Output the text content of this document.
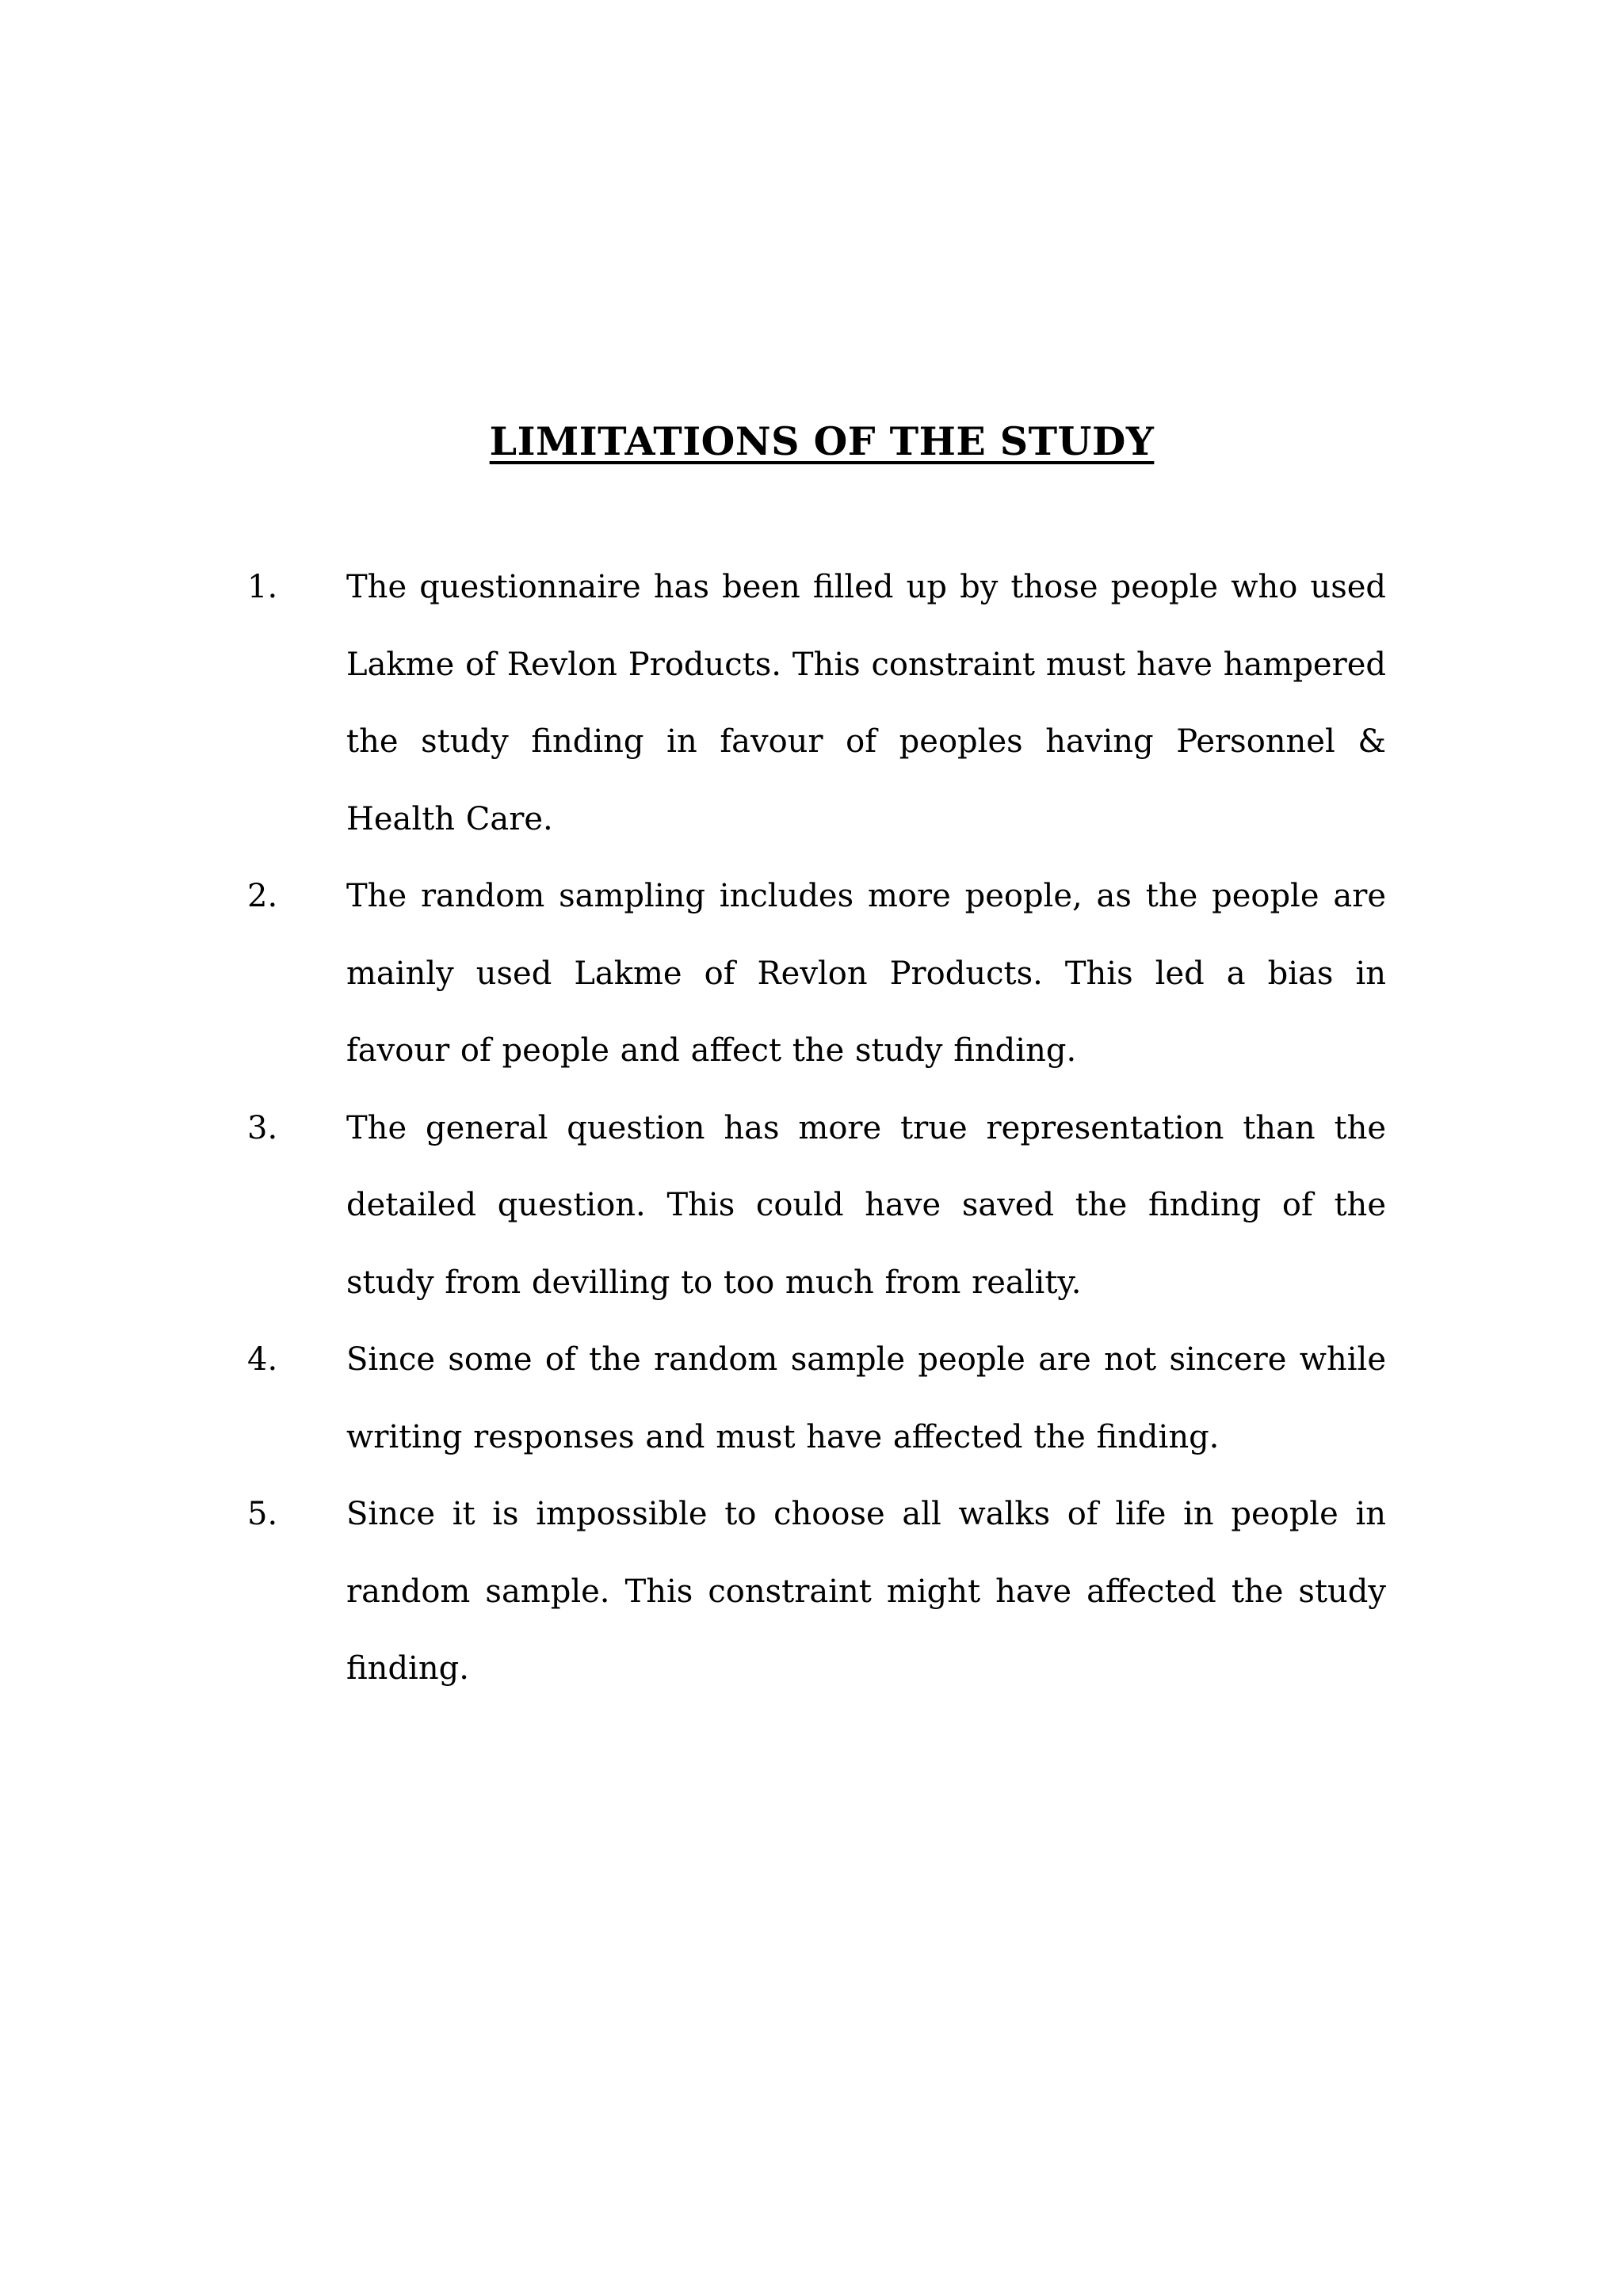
LIMITATIONS OF THE STUDY
1. The questionnaire has been filled up by those people who used Lakme of Revlon Products. This constraint must have hampered the study finding in favour of peoples having Personnel & Health Care.
2. The random sampling includes more people, as the people are mainly used Lakme of Revlon Products. This led a bias in favour of people and affect the study finding.
3. The general question has more true representation than the detailed question. This could have saved the finding of the study from devilling to too much from reality.
4. Since some of the random sample people are not sincere while writing responses and must have affected the finding.
5. Since it is impossible to choose all walks of life in people in random sample. This constraint might have affected the study finding.
